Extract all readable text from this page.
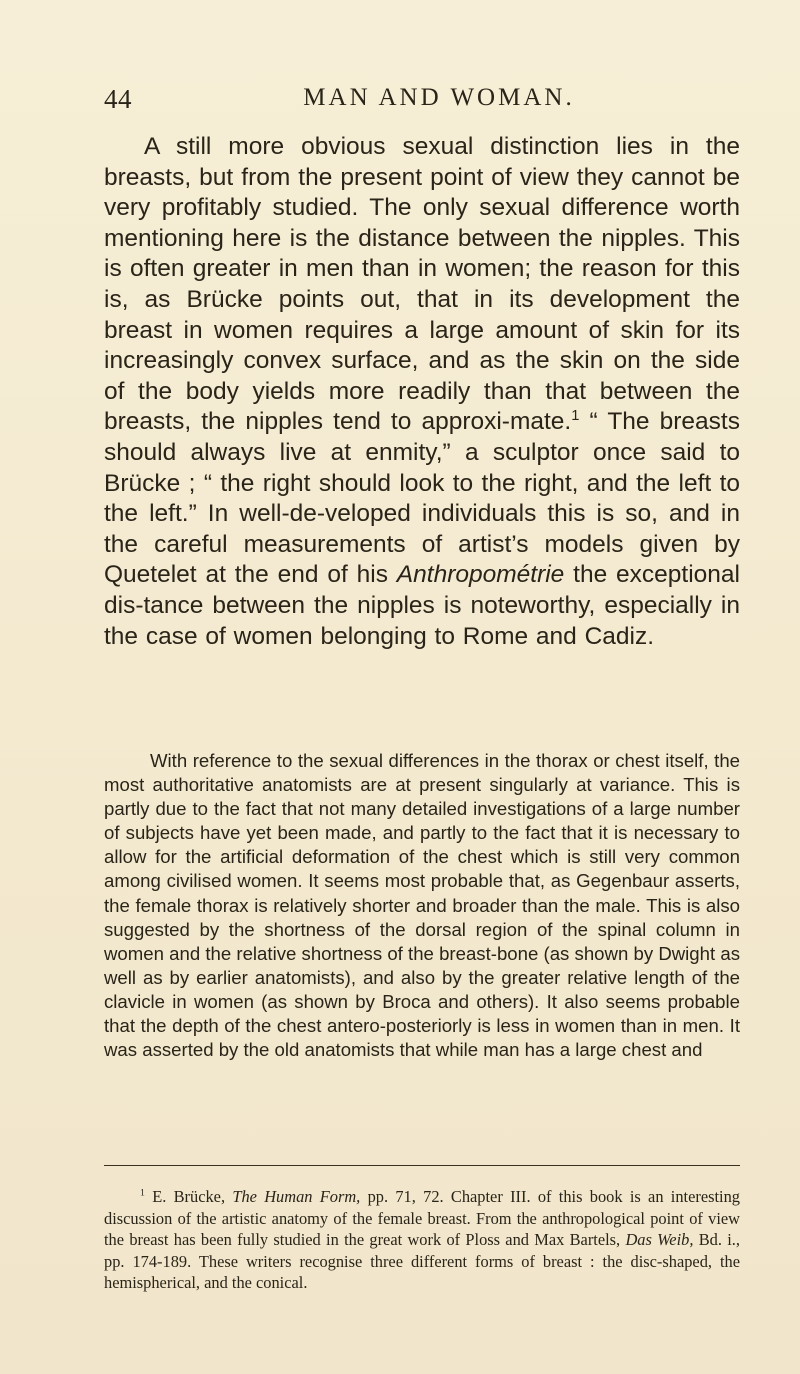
44	MAN AND WOMAN.

A still more obvious sexual distinction lies in the breasts, but from the present point of view they cannot be very profitably studied. The only sexual difference worth mentioning here is the distance between the nipples. This is often greater in men than in women; the reason for this is, as Brücke points out, that in its development the breast in women requires a large amount of skin for its increasingly convex surface, and as the skin on the side of the body yields more readily than that between the breasts, the nipples tend to approxi-mate.$^1$ “ The breasts should always live at enmity,” a sculptor once said to Brücke ; “ the right should look to the right, and the left to the left.” In well-de-veloped individuals this is so, and in the careful measurements of artist’s models given by Quetelet at the end of his Anthropométrie the exceptional dis-tance between the nipples is noteworthy, especially in the case of women belonging to Rome and Cadiz.

With reference to the sexual differences in the thorax or chest itself, the most authoritative anatomists are at present singularly at variance. This is partly due to the fact that not many detailed investigations of a large number of subjects have yet been made, and partly to the fact that it is necessary to allow for the artificial deformation of the chest which is still very common among civilised women. It seems most probable that, as Gegenbaur asserts, the female thorax is relatively shorter and broader than the male. This is also suggested by the shortness of the dorsal region of the spinal column in women and the relative shortness of the breast-bone (as shown by Dwight as well as by earlier anatomists), and also by the greater relative length of the clavicle in women (as shown by Broca and others). It also seems probable that the depth of the chest antero-posteriorly is less in women than in men. It was asserted by the old anatomists that while man has a large chest and

$^1$ E. Brücke, The Human Form, pp. 71, 72. Chapter III. of this book is an interesting discussion of the artistic anatomy of the female breast. From the anthropological point of view the breast has been fully studied in the great work of Ploss and Max Bartels, Das Weib, Bd. i., pp. 174-189. These writers recognise three different forms of breast : the disc-shaped, the hemispherical, and the conical.
